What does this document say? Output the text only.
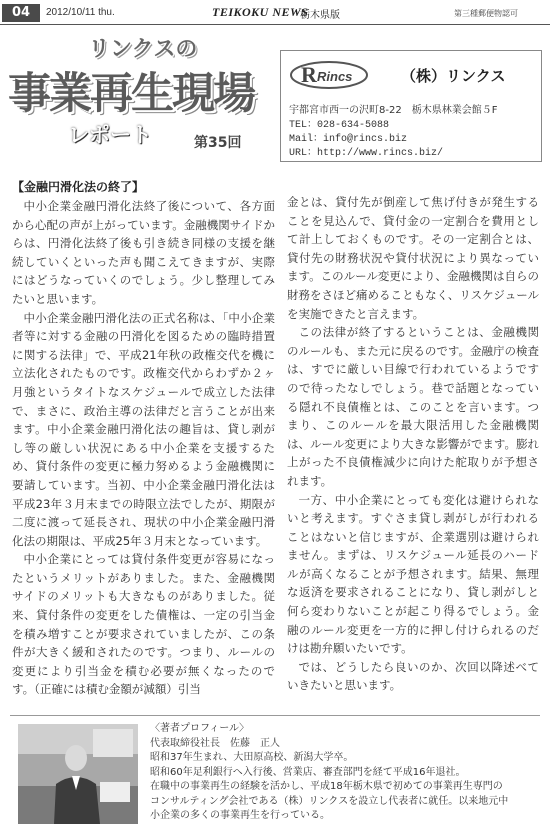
04	2012/10/11 thu.	TEIKOKU NEWS
栃木県版	第三種郵便物認可
リンクスの
事業再生現場
レポート	第35回
R Rincs	（株）リンクス
宇都宮市西一の沢町8-22　栃木県林業会館５F
TEL：028-634-5088
Mail：info@rincs.biz
URL：http://www.rincs.biz/
【金融円滑化法の終了】

中小企業金融円滑化法終了後について、各方面から心配の声が上がっています。金融機関サイドからは、円滑化法終了後も引き続き同様の支援を継続していくといった声も聞こえてきますが、実際にはどうなっていくのでしょう。少し整理してみたいと思います。

中小企業金融円滑化法の正式名称は、「中小企業者等に対する金融の円滑化を図るための臨時措置に関する法律」で、平成21年秋の政権交代を機に立法化されたものです。政権交代からわずか２ヶ月強というタイトなスケジュールで成立した法律で、まさに、政治主導の法律だと言うことが出来ます。中小企業金融円滑化法の趣旨は、貸し剥がし等の厳しい状況にある中小企業を支援するため、貸付条件の変更に極力努めるよう金融機関に要請しています。当初、中小企業金融円滑化法は平成23年３月末までの時限立法でしたが、期限が二度に渡って延長され、現状の中小企業金融円滑化法の期限は、平成25年３月末となっています。

中小企業にとっては貸付条件変更が容易になったというメリットがありました。また、金融機関サイドのメリットも大きなものがありました。従来、貸付条件の変更をした債権は、一定の引当金を積み増すことが要求されていましたが、この条件が大きく緩和されたのです。つまり、ルールの変更により引当金を積む必要が無くなったのです。（正確には積む金額が減額）引当

金とは、貸付先が倒産して焦げ付きが発生することを見込んで、貸付金の一定割合を費用として計上しておくものです。その一定割合とは、貸付先の財務状況や貸付状況により異なっています。このルール変更により、金融機関は自らの財務をさほど痛めることもなく、リスケジュールを実施できたと言えます。

この法律が終了するということは、金融機関のルールも、また元に戻るのです。金融庁の検査は、すでに厳しい目線で行われているようですので待ったなしでしょう。巷で話題となっている隠れ不良債権とは、このことを言います。つまり、このルールを最大限活用した金融機関は、ルール変更により大きな影響がでます。膨れ上がった不良債権減少に向けた舵取りが予想されます。

一方、中小企業にとっても変化は避けられないと考えます。すぐさま貸し剥がしが行われることはないと信じますが、企業選別は避けられません。まずは、リスケジュール延長のハードルが高くなることが予想されます。結果、無理な返済を要求されることになり、貸し剥がしと何ら変わりないことが起こり得るでしょう。金融のルール変更を一方的に押し付けられるのだけは勘弁願いたいです。

では、どうしたら良いのか、次回以降述べていきたいと思います。

〈著者プロフィール〉
代表取締役社長　佐藤　正人
昭和37年生まれ、大田原高校、新潟大学卒。
昭和60年足利銀行へ入行後、営業店、審査部門を経て平成16年退社。
在職中の事業再生の経験を活かし、平成18年栃木県で初めての事業再生専門の
コンサルティング会社である（株）リンクスを設立し代表者に就任。以来地元中
小企業の多くの事業再生を行っている。
